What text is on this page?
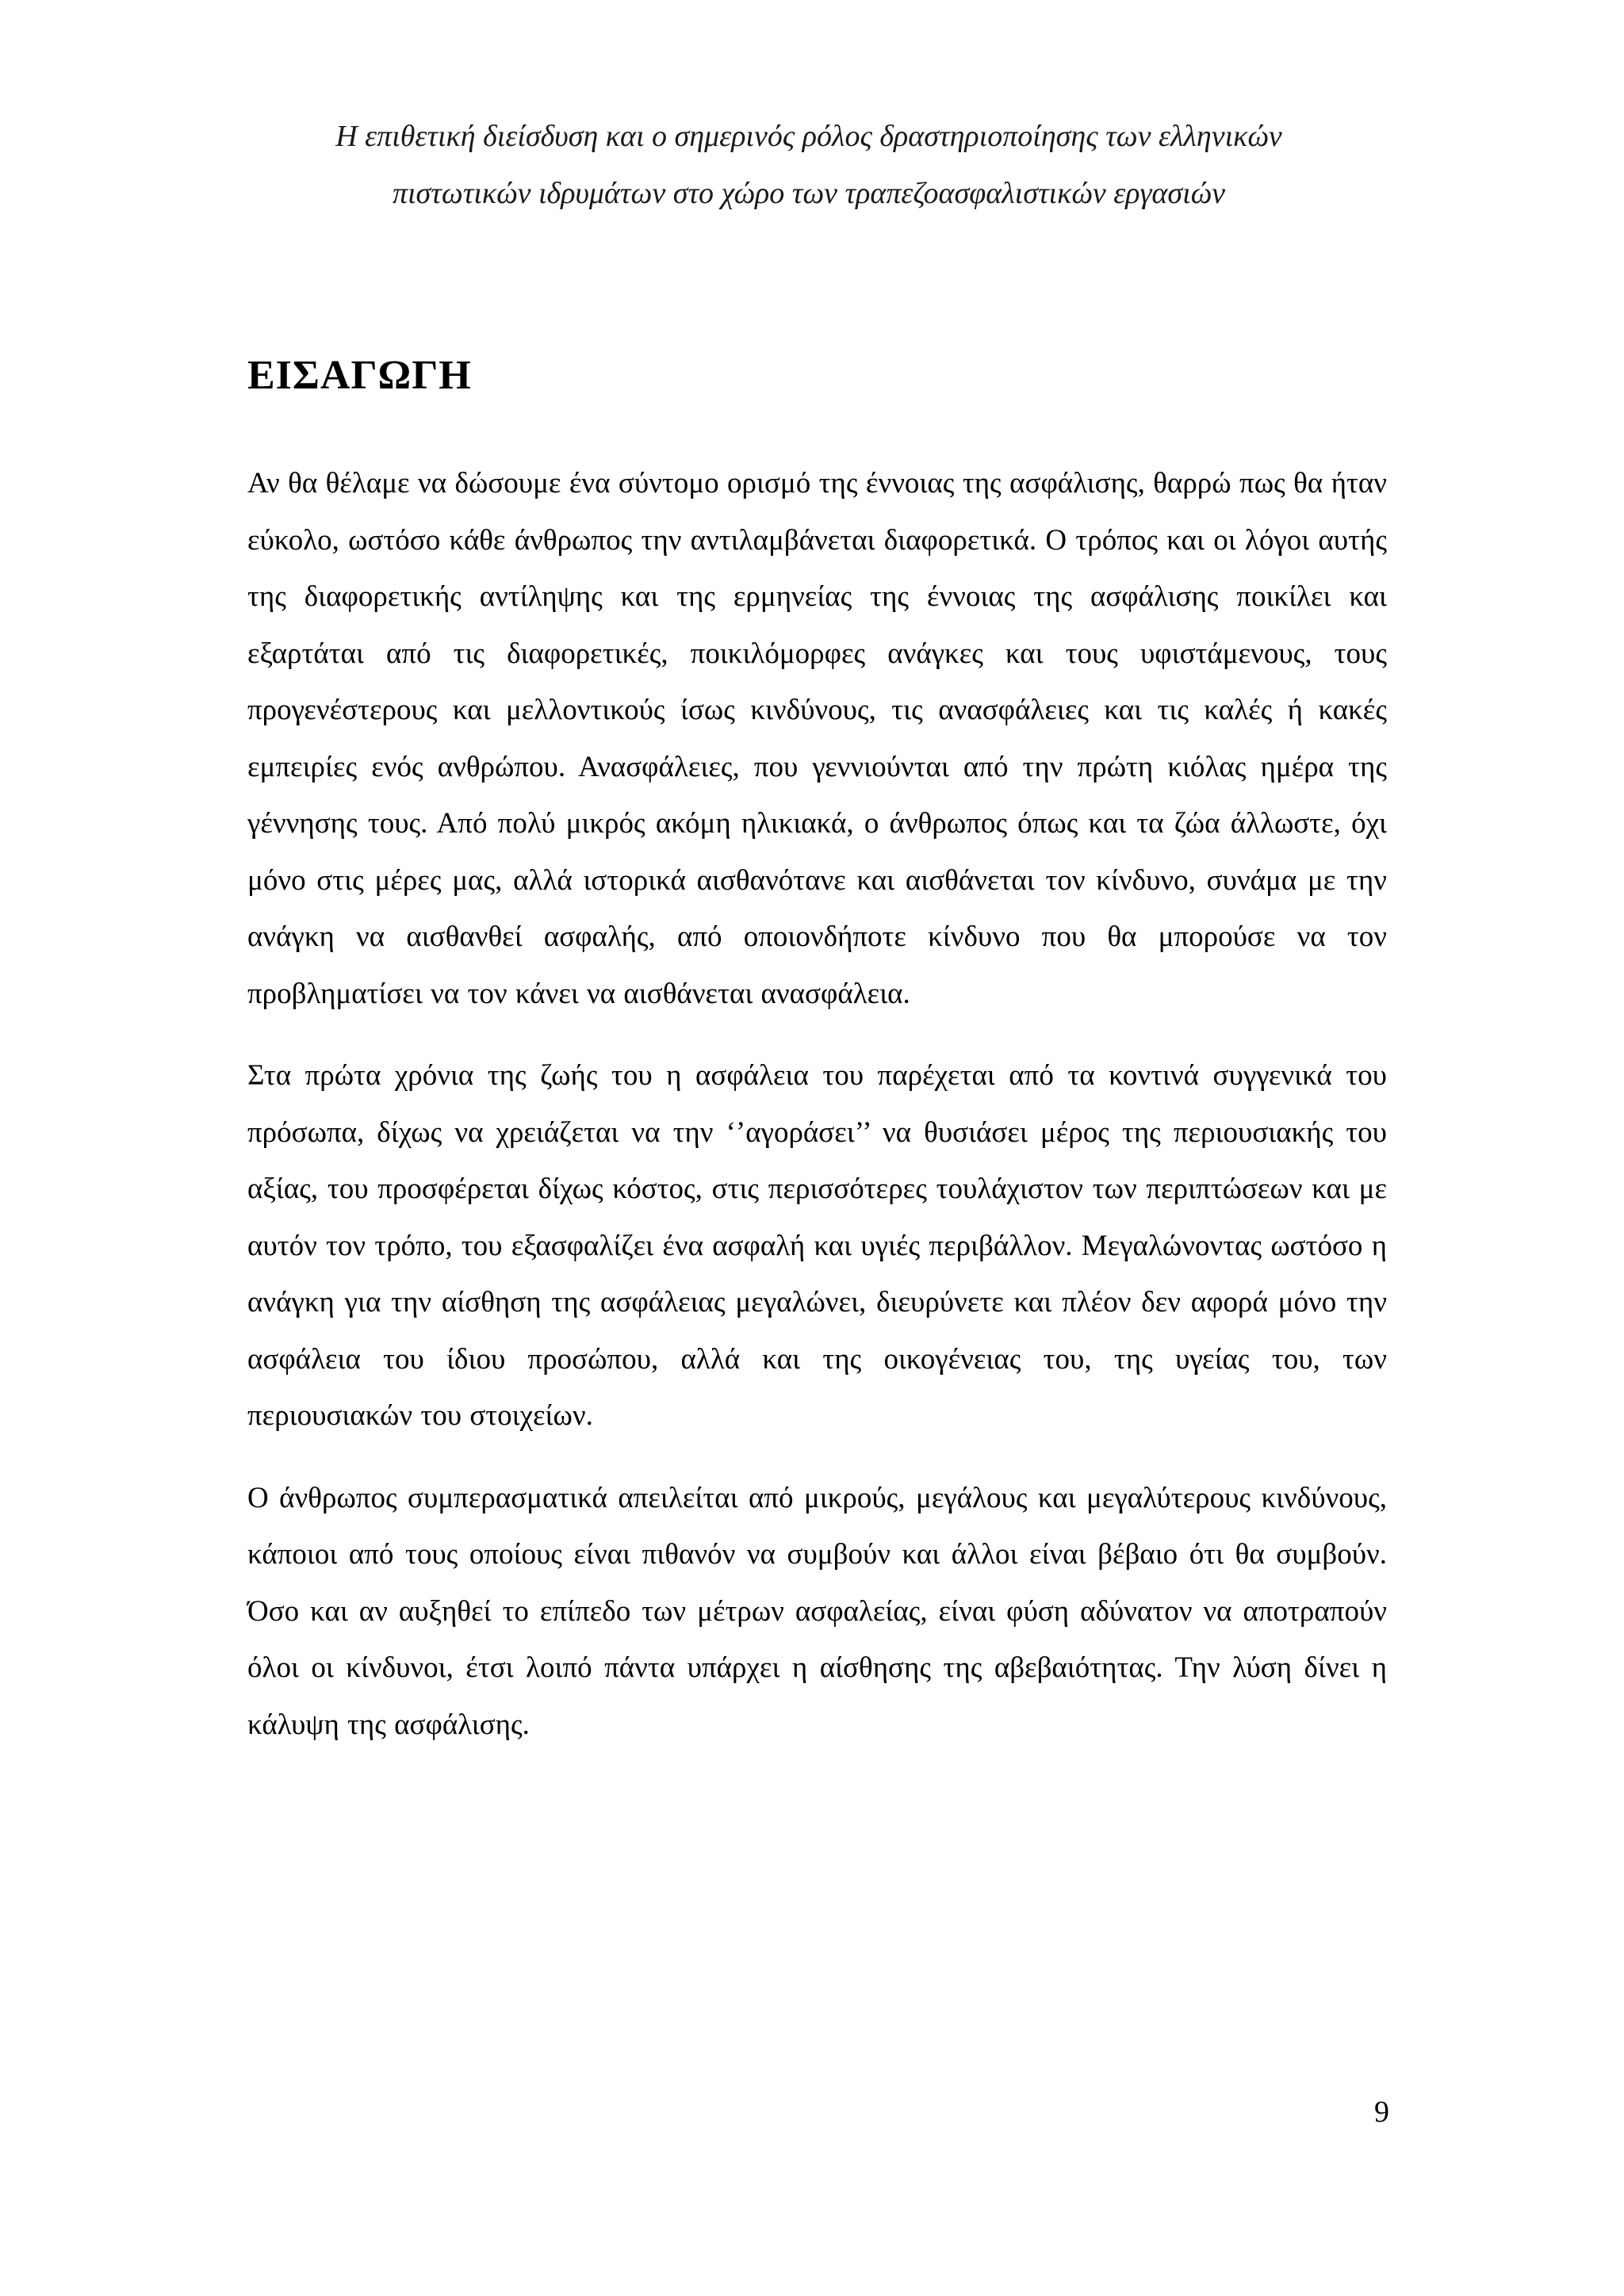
Η επιθετική διείσδυση και ο σημερινός ρόλος δραστηριοποίησης των ελληνικών
πιστωτικών ιδρυμάτων στο χώρο των τραπεζοασφαλιστικών εργασιών
ΕΙΣΑΓΩΓΗ

Αν θα θέλαμε να δώσουμε ένα σύντομο ορισμό της έννοιας της ασφάλισης, θαρρώ πως θα ήταν εύκολο, ωστόσο κάθε άνθρωπος την αντιλαμβάνεται διαφορετικά. Ο τρόπος και οι λόγοι αυτής της διαφορετικής αντίληψης και της ερμηνείας της έννοιας της ασφάλισης ποικίλει και εξαρτάται από τις διαφορετικές, ποικιλόμορφες ανάγκες και τους υφιστάμενους, τους προγενέστερους και μελλοντικούς ίσως κινδύνους, τις ανασφάλειες και τις καλές ή κακές εμπειρίες ενός ανθρώπου. Ανασφάλειες, που γεννιούνται από την πρώτη κιόλας ημέρα της γέννησης τους. Από πολύ μικρός ακόμη ηλικιακά, ο άνθρωπος όπως και τα ζώα άλλωστε, όχι μόνο στις μέρες μας, αλλά ιστορικά αισθανότανε και αισθάνεται τον κίνδυνο, συνάμα με την ανάγκη να αισθανθεί ασφαλής, από οποιονδήποτε κίνδυνο που θα μπορούσε να τον προβληματίσει να τον κάνει να αισθάνεται ανασφάλεια.

Στα πρώτα χρόνια της ζωής του η ασφάλεια του παρέχεται από τα κοντινά συγγενικά του πρόσωπα, δίχως να χρειάζεται να την ‘’αγοράσει’’ να θυσιάσει μέρος της περιουσιακής του αξίας, του προσφέρεται δίχως κόστος, στις περισσότερες τουλάχιστον των περιπτώσεων και με αυτόν τον τρόπο, του εξασφαλίζει ένα ασφαλή και υγιές περιβάλλον. Μεγαλώνοντας ωστόσο η ανάγκη για την αίσθηση της ασφάλειας μεγαλώνει, διευρύνετε και πλέον δεν αφορά μόνο την ασφάλεια του ίδιου προσώπου, αλλά και της οικογένειας του, της υγείας του, των περιουσιακών του στοιχείων.

Ο άνθρωπος συμπερασματικά απειλείται από μικρούς, μεγάλους και μεγαλύτερους κινδύνους, κάποιοι από τους οποίους είναι πιθανόν να συμβούν και άλλοι είναι βέβαιο ότι θα συμβούν. Όσο και αν αυξηθεί το επίπεδο των μέτρων ασφαλείας, είναι φύση αδύνατον να αποτραπούν όλοι οι κίνδυνοι, έτσι λοιπό πάντα υπάρχει η αίσθησης της αβεβαιότητας. Την λύση δίνει η κάλυψη της ασφάλισης.

9
